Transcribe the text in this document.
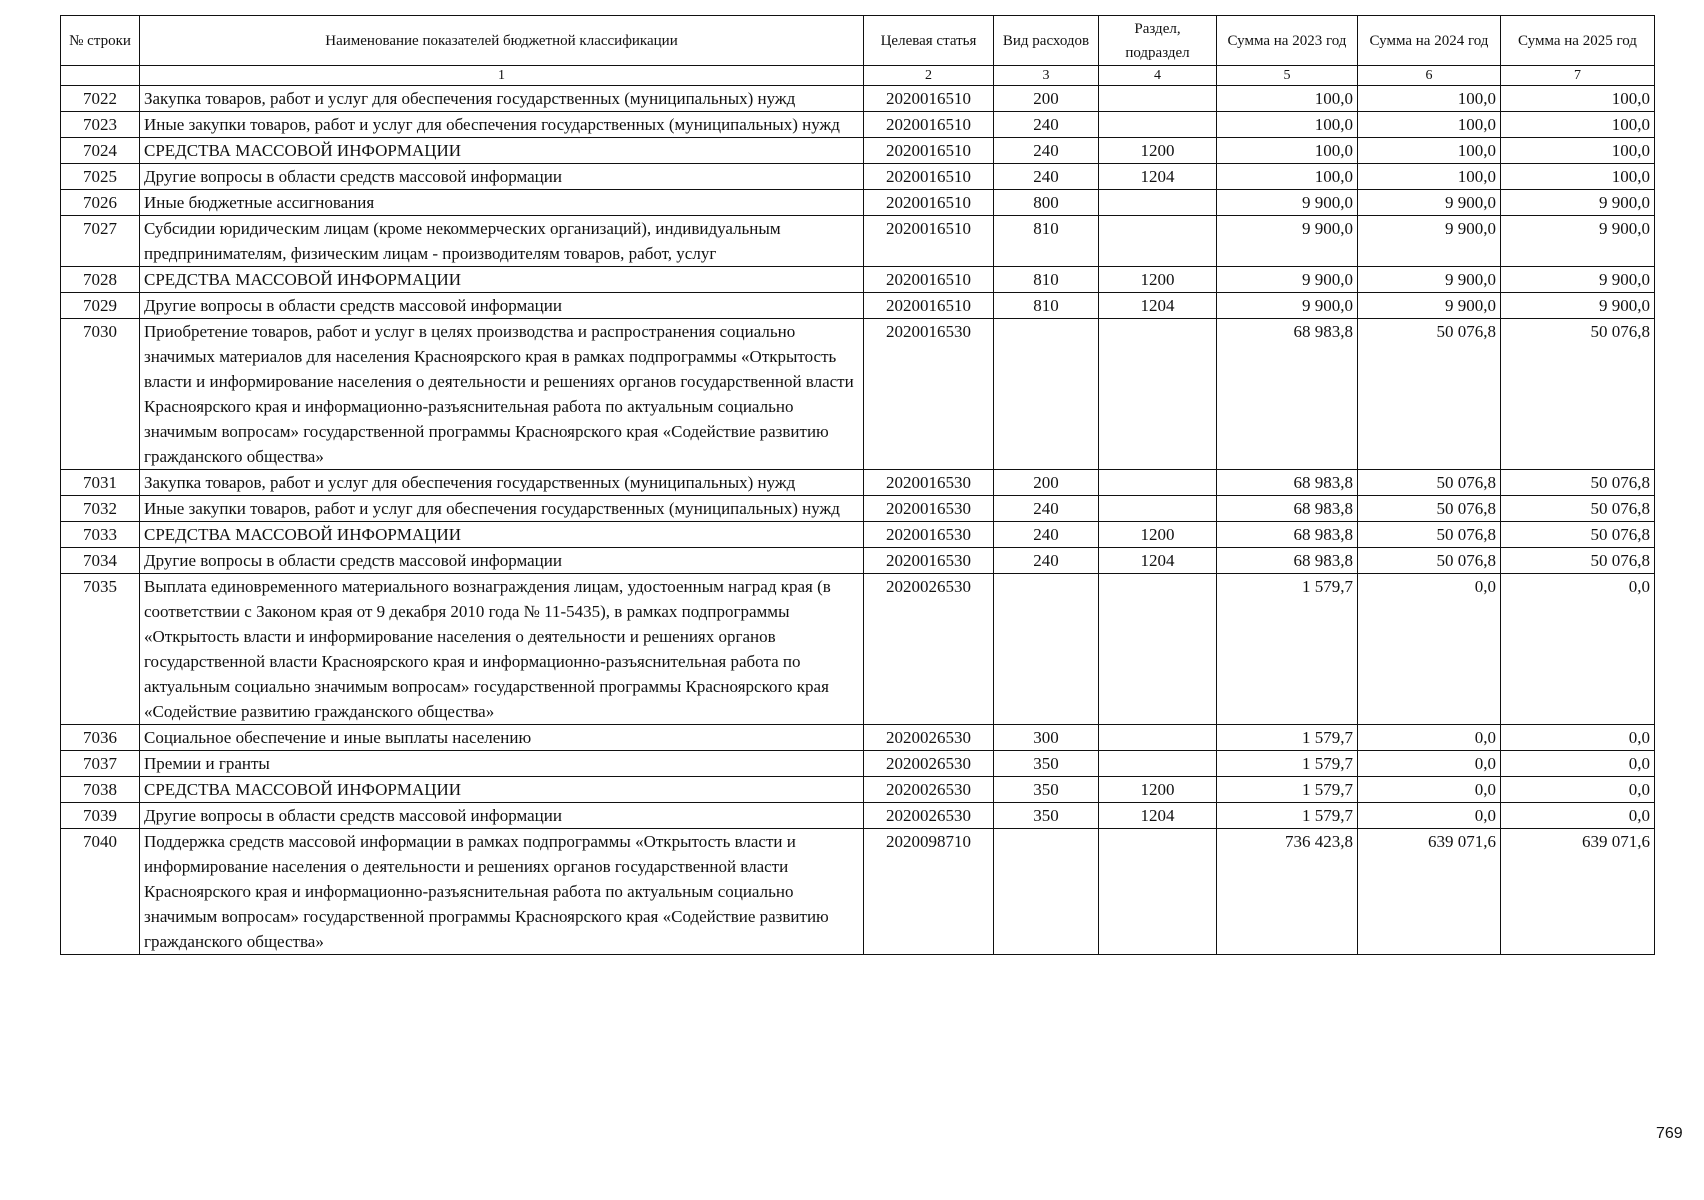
№ строки	Наименование показателей бюджетной классификации	Целевая статья	Вид расходов	Раздел, подраздел	Сумма на 2023 год	Сумма на 2024 год	Сумма на 2025 год
	1	2	3	4	5	6	7
7022	Закупка товаров, работ и услуг для обеспечения государственных (муниципальных) нужд	2020016510	200		100,0	100,0	100,0
7023	Иные закупки товаров, работ и услуг для обеспечения государственных (муниципальных) нужд	2020016510	240		100,0	100,0	100,0
7024	СРЕДСТВА МАССОВОЙ ИНФОРМАЦИИ	2020016510	240	1200	100,0	100,0	100,0
7025	Другие вопросы в области средств массовой информации	2020016510	240	1204	100,0	100,0	100,0
7026	Иные бюджетные ассигнования	2020016510	800		9 900,0	9 900,0	9 900,0
7027	Субсидии юридическим лицам (кроме некоммерческих организаций), индивидуальным предпринимателям, физическим лицам - производителям товаров, работ, услуг	2020016510	810		9 900,0	9 900,0	9 900,0
7028	СРЕДСТВА МАССОВОЙ ИНФОРМАЦИИ	2020016510	810	1200	9 900,0	9 900,0	9 900,0
7029	Другие вопросы в области средств массовой информации	2020016510	810	1204	9 900,0	9 900,0	9 900,0
7030	Приобретение товаров, работ и услуг в целях производства и распространения социально значимых материалов для населения Красноярского края в рамках подпрограммы «Открытость власти и информирование населения о деятельности и решениях органов государственной власти Красноярского края и информационно-разъяснительная работа по актуальным социально значимым вопросам» государственной программы Красноярского края «Содействие развитию гражданского общества»	2020016530			68 983,8	50 076,8	50 076,8
7031	Закупка товаров, работ и услуг для обеспечения государственных (муниципальных) нужд	2020016530	200		68 983,8	50 076,8	50 076,8
7032	Иные закупки товаров, работ и услуг для обеспечения государственных (муниципальных) нужд	2020016530	240		68 983,8	50 076,8	50 076,8
7033	СРЕДСТВА МАССОВОЙ ИНФОРМАЦИИ	2020016530	240	1200	68 983,8	50 076,8	50 076,8
7034	Другие вопросы в области средств массовой информации	2020016530	240	1204	68 983,8	50 076,8	50 076,8
7035	Выплата единовременного материального вознаграждения лицам, удостоенным наград края (в соответствии с Законом края от 9 декабря 2010 года № 11-5435), в рамках подпрограммы «Открытость власти и информирование населения о деятельности и решениях органов государственной власти Красноярского края и информационно-разъяснительная работа по актуальным социально значимым вопросам» государственной программы Красноярского края «Содействие развитию гражданского общества»	2020026530			1 579,7	0,0	0,0
7036	Социальное обеспечение и иные выплаты населению	2020026530	300		1 579,7	0,0	0,0
7037	Премии и гранты	2020026530	350		1 579,7	0,0	0,0
7038	СРЕДСТВА МАССОВОЙ ИНФОРМАЦИИ	2020026530	350	1200	1 579,7	0,0	0,0
7039	Другие вопросы в области средств массовой информации	2020026530	350	1204	1 579,7	0,0	0,0
7040	Поддержка средств массовой информации в рамках подпрограммы «Открытость власти и информирование населения о деятельности и решениях органов государственной власти Красноярского края и информационно-разъяснительная работа по актуальным социально значимым вопросам» государственной программы Красноярского края «Содействие развитию гражданского общества»	2020098710			736 423,8	639 071,6	639 071,6
769
